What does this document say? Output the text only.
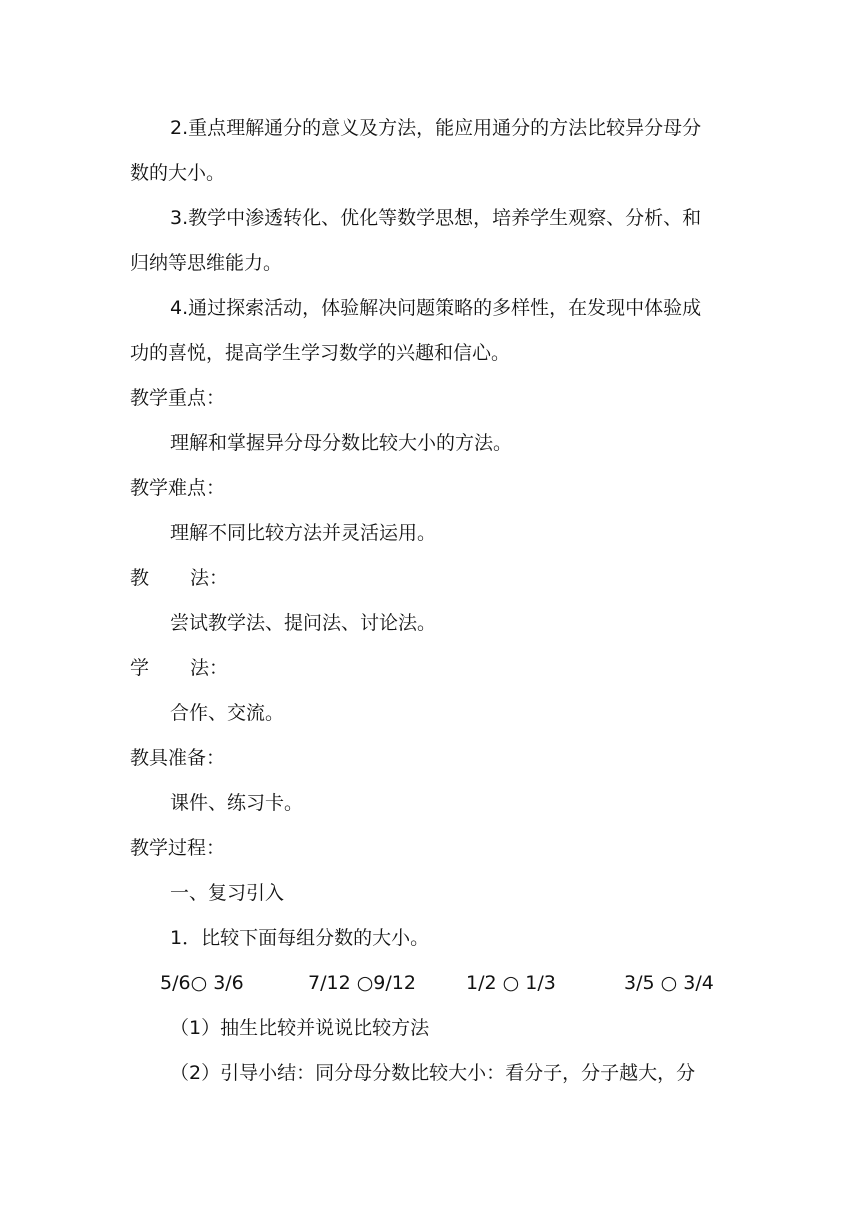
2.重点理解通分的意义及方法，能应用通分的方法比较异分母分
数的大小。
3.教学中渗透转化、优化等数学思想，培养学生观察、分析、和
归纳等思维能力。
4.通过探索活动，体验解决问题策略的多样性，在发现中体验成
功的喜悦，提高学生学习数学的兴趣和信心。
教学重点：
理解和掌握异分母分数比较大小的方法。
教学难点：
理解不同比较方法并灵活运用。
教 法：
尝试教学法、提问法、讨论法。
学 法：
合作、交流。
教具准备：
课件、练习卡。
教学过程：
一、复习引入
1．比较下面每组分数的大小。
5/6○ 3/6	7/12 ○9/12	1/2 ○ 1/3	3/5 ○ 3/4
（1）抽生比较并说说比较方法
（2）引导小结：同分母分数比较大小：看分子，分子越大，分
